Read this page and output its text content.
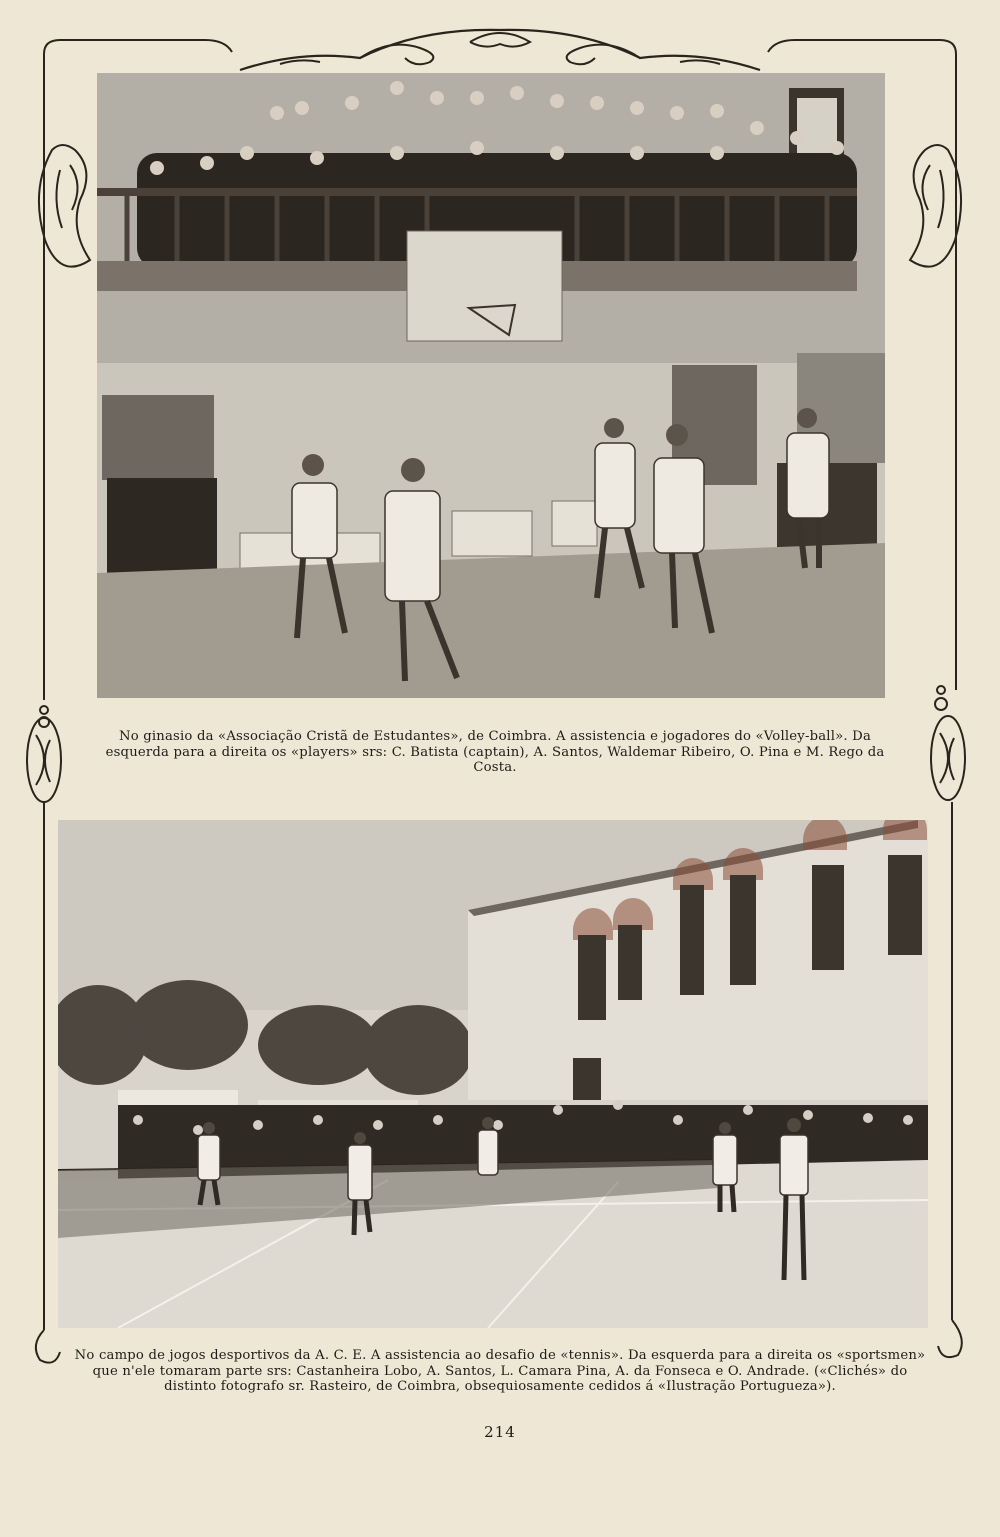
No ginasio da «Associação Cristã de Estudantes», de Coimbra. A assistencia e jogadores do «Volley-ball». Da esquerda para a direita os «players» srs: C. Batista (captain), A. Santos, Waldemar Ribeiro, O. Pina e M. Rego da Costa.
No campo de jogos desportivos da A. C. E. A assistencia ao desafio de «tennis». Da esquerda para a direita os «sportsmen» que n'ele tomaram parte srs: Castanheira Lobo, A. Santos, L. Camara Pina, A. da Fonseca e O. Andrade. («Clichés» do distinto fotografo sr. Rasteiro, de Coimbra, obsequiosamente cedidos á «Ilustração Portugueza»).
214
